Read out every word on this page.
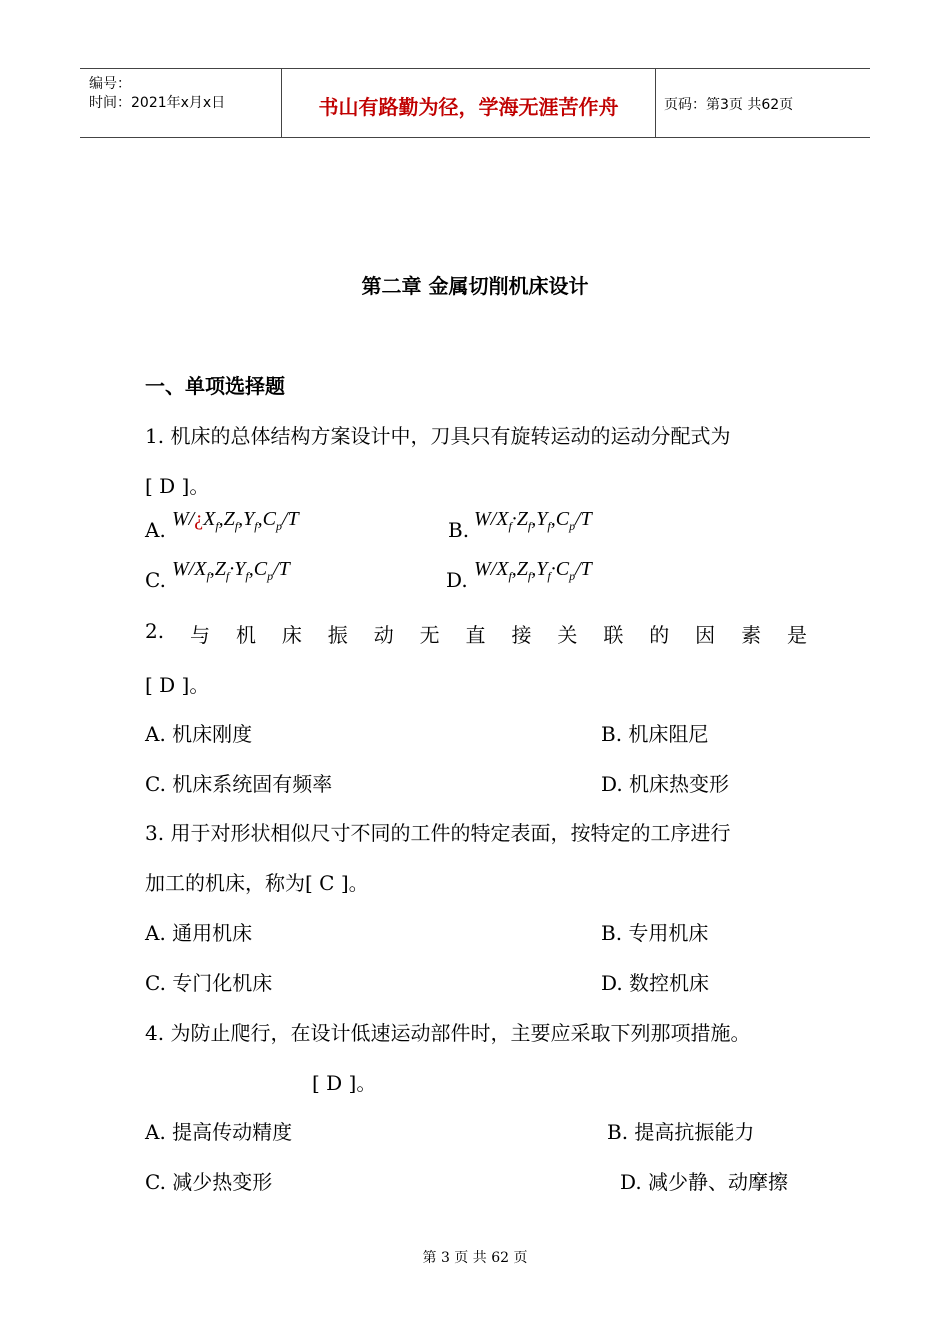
编号：
时间：2021年x月x日	书山有路勤为径，学海无涯苦作舟	页码：第3页 共62页
第二章 金属切削机床设计
一、单项选择题
1. 机床的总体结构方案设计中，刀具只有旋转运动的运动分配式为
[ D ]。
A. $W/¿X_f,Z_f,Y_f,C_p/T$	B. $W/X_f\cdot Z_f,Y_f,C_p/T$
C. $W/X_f,Z_f\cdot Y_f,C_p/T$	D. $W/X_f,Z_f,Y_f\cdot C_p/T$
2. 与 机 床 振 动 无 直 接 关 联 的 因 素 是
[ D ]。
A. 机床刚度	B. 机床阻尼
C. 机床系统固有频率	D. 机床热变形
3. 用于对形状相似尺寸不同的工件的特定表面，按特定的工序进行
加工的机床，称为[ C ]。
A. 通用机床	B. 专用机床
C. 专门化机床	D. 数控机床
4. 为防止爬行，在设计低速运动部件时，主要应采取下列那项措施。
[ D ]。
A. 提高传动精度	B. 提高抗振能力
C. 减少热变形	D. 减少静、动摩擦
第 3 页 共 62 页
